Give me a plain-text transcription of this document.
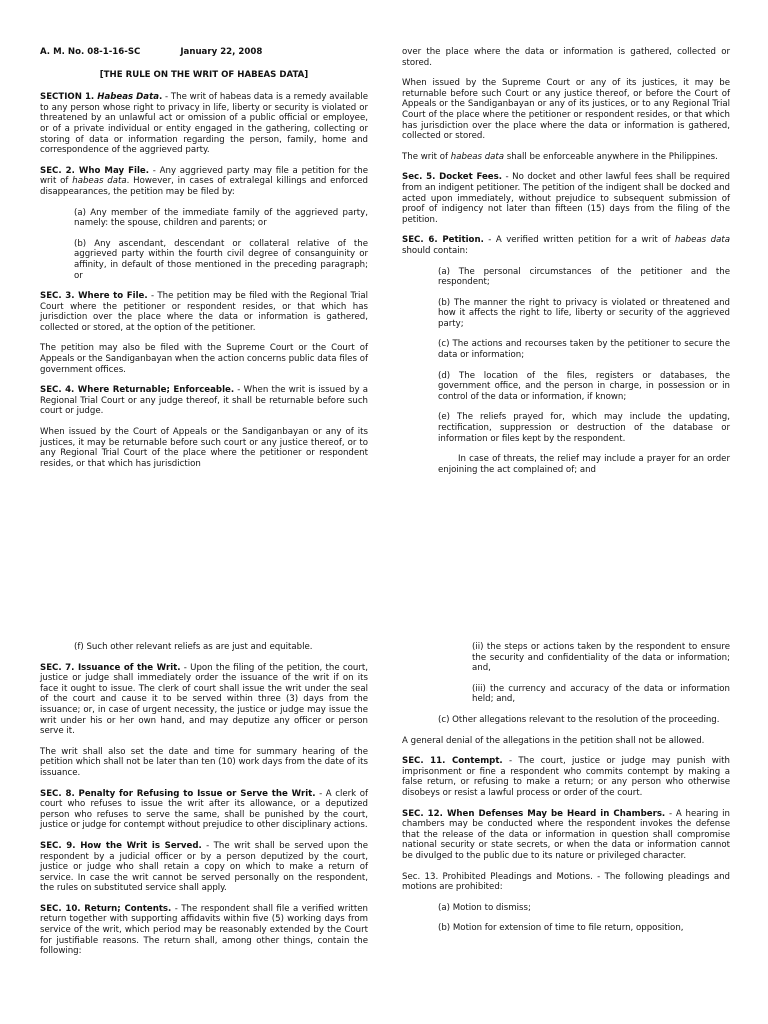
A. M. No. 08-1-16-SC	January 22, 2008
[THE RULE ON THE WRIT OF HABEAS DATA]

SECTION 1. Habeas Data. - The writ of habeas data is a remedy available to any person whose right to privacy in life, liberty or security is violated or threatened by an unlawful act or omission of a public official or employee, or of a private individual or entity engaged in the gathering, collecting or storing of data or information regarding the person, family, home and correspondence of the aggrieved party.

SEC. 2. Who May File. - Any aggrieved party may file a petition for the writ of habeas data. However, in cases of extralegal killings and enforced disappearances, the petition may be filed by:

(a) Any member of the immediate family of the aggrieved party, namely: the spouse, children and parents; or

(b) Any ascendant, descendant or collateral relative of the aggrieved party within the fourth civil degree of consanguinity or affinity, in default of those mentioned in the preceding paragraph; or

SEC. 3. Where to File. - The petition may be filed with the Regional Trial Court where the petitioner or respondent resides, or that which has jurisdiction over the place where the data or information is gathered, collected or stored, at the option of the petitioner.

The petition may also be filed with the Supreme Court or the Court of Appeals or the Sandiganbayan when the action concerns public data files of government offices.

SEC. 4. Where Returnable; Enforceable. - When the writ is issued by a Regional Trial Court or any judge thereof, it shall be returnable before such court or judge.

When issued by the Court of Appeals or the Sandiganbayan or any of its justices, it may be returnable before such court or any justice thereof, or to any Regional Trial Court of the place where the petitioner or respondent resides, or that which has jurisdiction

over the place where the data or information is gathered, collected or stored.

When issued by the Supreme Court or any of its justices, it may be returnable before such Court or any justice thereof, or before the Court of Appeals or the Sandiganbayan or any of its justices, or to any Regional Trial Court of the place where the petitioner or respondent resides, or that which has jurisdiction over the place where the data or information is gathered, collected or stored.

The writ of habeas data shall be enforceable anywhere in the Philippines.

Sec. 5. Docket Fees. - No docket and other lawful fees shall be required from an indigent petitioner. The petition of the indigent shall be docked and acted upon immediately, without prejudice to subsequent submission of proof of indigency not later than fifteen (15) days from the filing of the petition.

SEC. 6. Petition. - A verified written petition for a writ of habeas data should contain:

(a) The personal circumstances of the petitioner and the respondent;

(b) The manner the right to privacy is violated or threatened and how it affects the right to life, liberty or security of the aggrieved party;

(c) The actions and recourses taken by the petitioner to secure the data or information;

(d) The location of the files, registers or databases, the government office, and the person in charge, in possession or in control of the data or information, if known;

(e) The reliefs prayed for, which may include the updating, rectification, suppression or destruction of the database or information or files kept by the respondent.

In case of threats, the relief may include a prayer for an order enjoining the act complained of; and

(f) Such other relevant reliefs as are just and equitable.

SEC. 7. Issuance of the Writ. - Upon the filing of the petition, the court, justice or judge shall immediately order the issuance of the writ if on its face it ought to issue. The clerk of court shall issue the writ under the seal of the court and cause it to be served within three (3) days from the issuance; or, in case of urgent necessity, the justice or judge may issue the writ under his or her own hand, and may deputize any officer or person serve it.

The writ shall also set the date and time for summary hearing of the petition which shall not be later than ten (10) work days from the date of its issuance.

SEC. 8. Penalty for Refusing to Issue or Serve the Writ. - A clerk of court who refuses to issue the writ after its allowance, or a deputized person who refuses to serve the same, shall be punished by the court, justice or judge for contempt without prejudice to other disciplinary actions.

SEC. 9. How the Writ is Served. - The writ shall be served upon the respondent by a judicial officer or by a person deputized by the court, justice or judge who shall retain a copy on which to make a return of service. In case the writ cannot be served personally on the respondent, the rules on substituted service shall apply.

SEC. 10. Return; Contents. - The respondent shall file a verified written return together with supporting affidavits within five (5) working days from service of the writ, which period may be reasonably extended by the Court for justifiable reasons. The return shall, among other things, contain the following:

(ii) the steps or actions taken by the respondent to ensure the security and confidentiality of the data or information; and,

(iii) the currency and accuracy of the data or information held; and,

(c) Other allegations relevant to the resolution of the proceeding.

A general denial of the allegations in the petition shall not be allowed.

SEC. 11. Contempt. - The court, justice or judge may punish with imprisonment or fine a respondent who commits contempt by making a false return, or refusing to make a return; or any person who otherwise disobeys or resist a lawful process or order of the court.

SEC. 12. When Defenses May be Heard in Chambers. - A hearing in chambers may be conducted where the respondent invokes the defense that the release of the data or information in question shall compromise national security or state secrets, or when the data or information cannot be divulged to the public due to its nature or privileged character.

Sec. 13. Prohibited Pleadings and Motions. - The following pleadings and motions are prohibited:

(a) Motion to dismiss;

(b) Motion for extension of time to file return, opposition,
